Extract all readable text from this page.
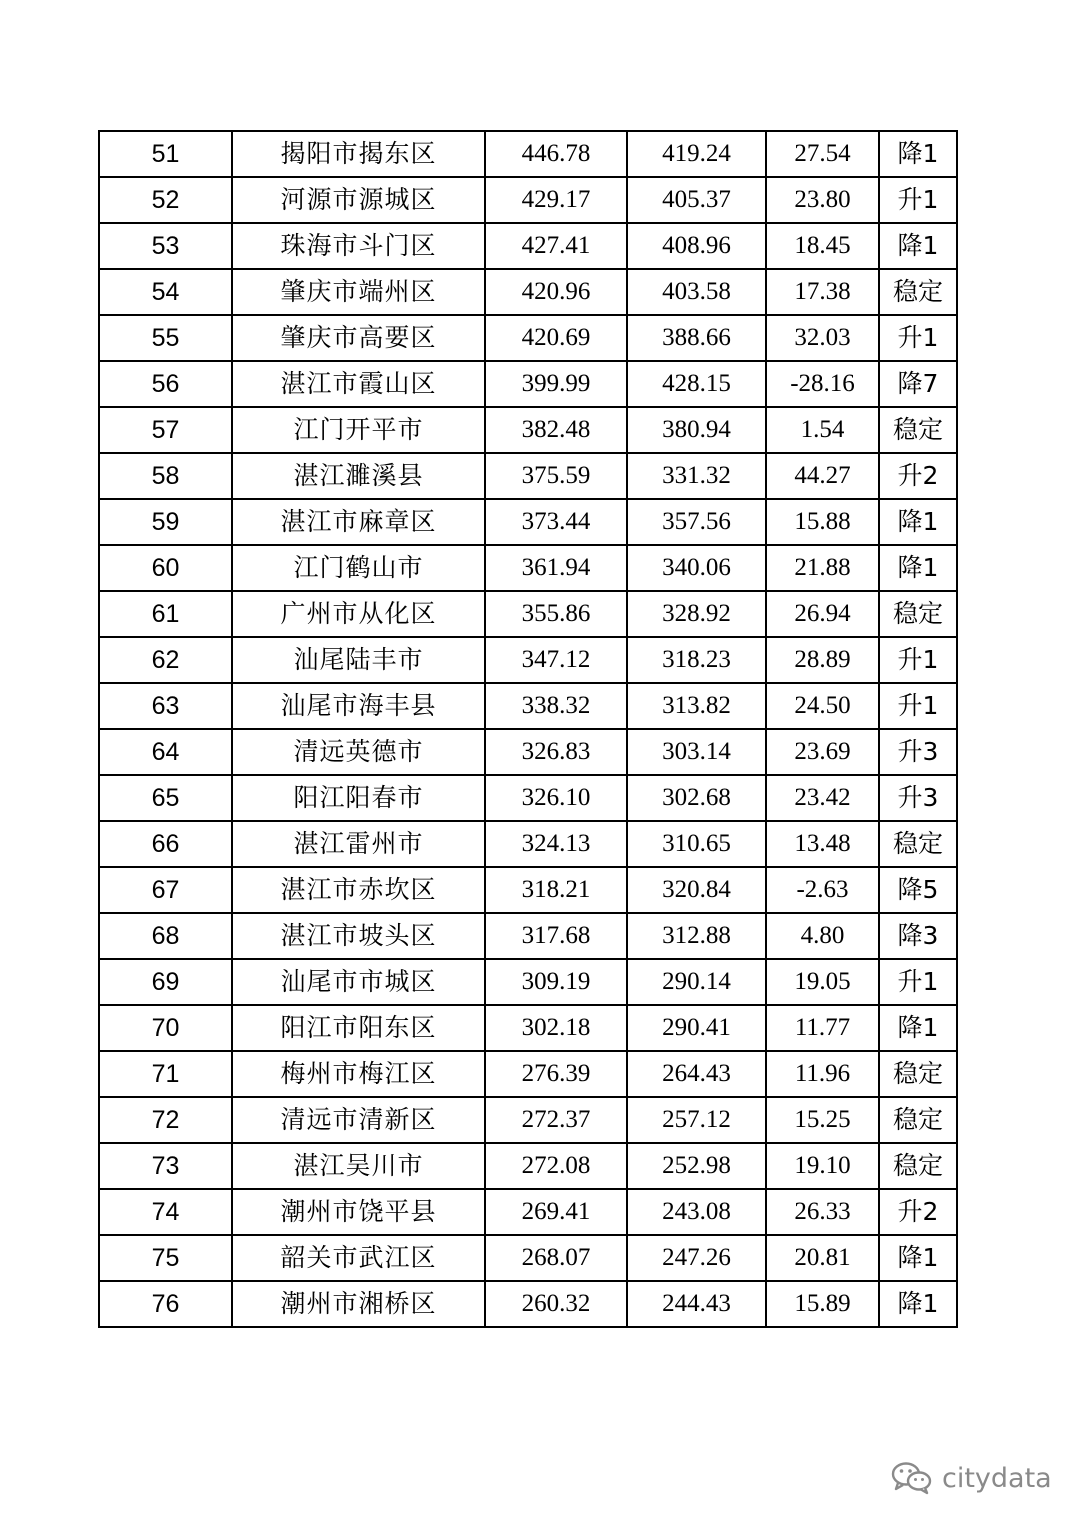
51	揭阳市揭东区	446.78	419.24	27.54	降1
52	河源市源城区	429.17	405.37	23.80	升1
53	珠海市斗门区	427.41	408.96	18.45	降1
54	肇庆市端州区	420.96	403.58	17.38	稳定
55	肇庆市高要区	420.69	388.66	32.03	升1
56	湛江市霞山区	399.99	428.15	-28.16	降7
57	江门开平市	382.48	380.94	1.54	稳定
58	湛江濉溪县	375.59	331.32	44.27	升2
59	湛江市麻章区	373.44	357.56	15.88	降1
60	江门鹤山市	361.94	340.06	21.88	降1
61	广州市从化区	355.86	328.92	26.94	稳定
62	汕尾陆丰市	347.12	318.23	28.89	升1
63	汕尾市海丰县	338.32	313.82	24.50	升1
64	清远英德市	326.83	303.14	23.69	升3
65	阳江阳春市	326.10	302.68	23.42	升3
66	湛江雷州市	324.13	310.65	13.48	稳定
67	湛江市赤坎区	318.21	320.84	-2.63	降5
68	湛江市坡头区	317.68	312.88	4.80	降3
69	汕尾市市城区	309.19	290.14	19.05	升1
70	阳江市阳东区	302.18	290.41	11.77	降1
71	梅州市梅江区	276.39	264.43	11.96	稳定
72	清远市清新区	272.37	257.12	15.25	稳定
73	湛江吴川市	272.08	252.98	19.10	稳定
74	潮州市饶平县	269.41	243.08	26.33	升2
75	韶关市武江区	268.07	247.26	20.81	降1
76	潮州市湘桥区	260.32	244.43	15.89	降1
citydata
